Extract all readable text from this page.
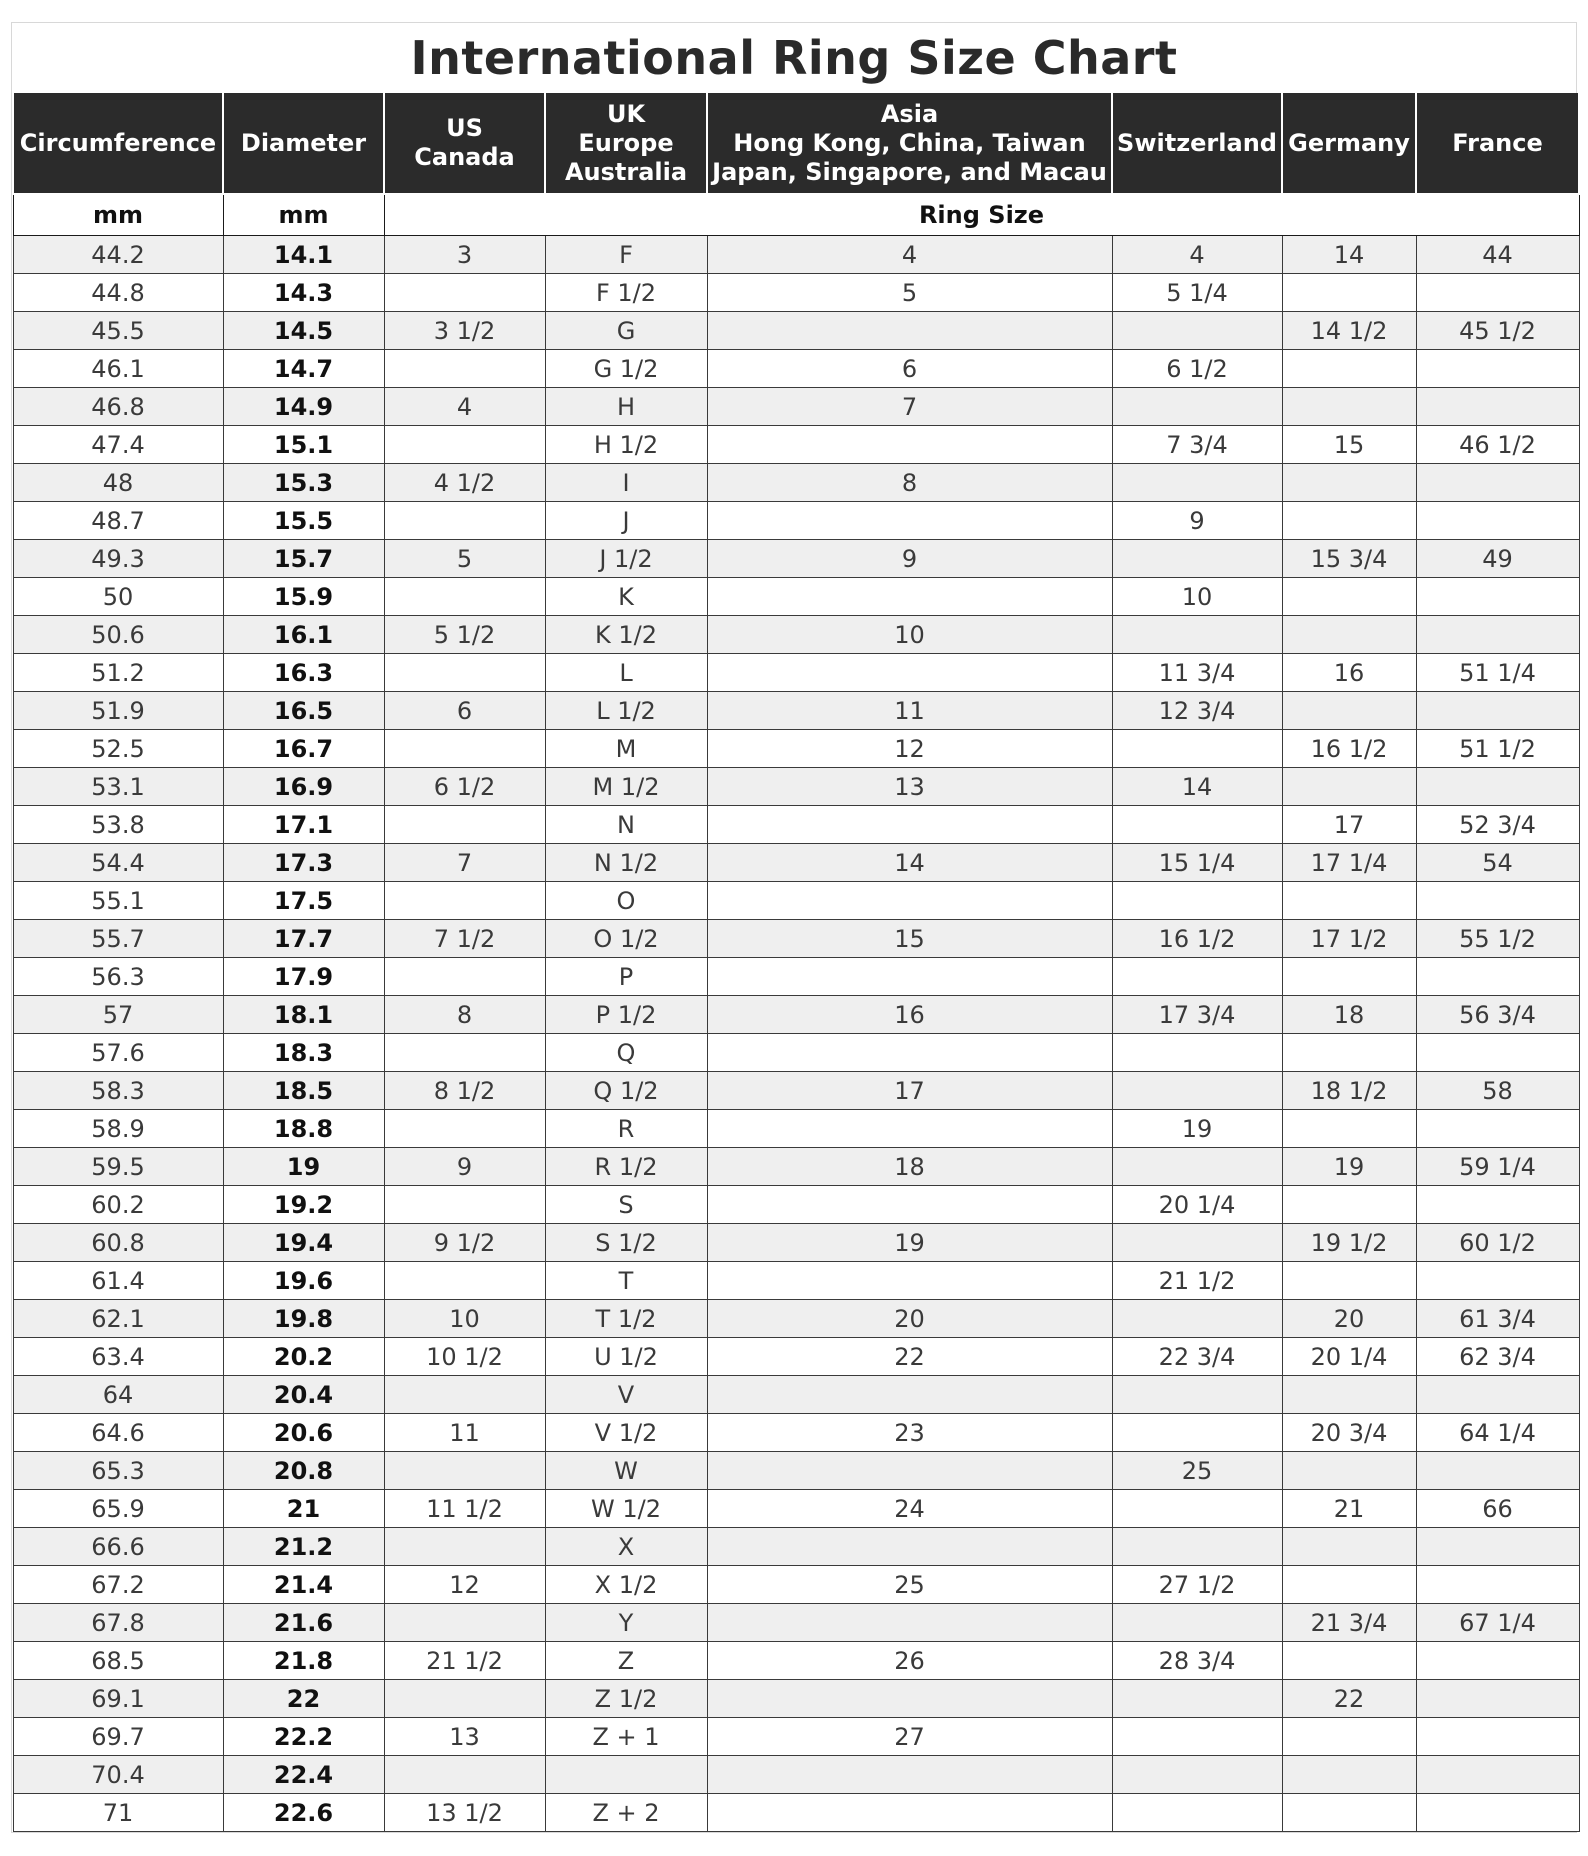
International Ring Size Chart
Circumference	Diameter	US
Canada	UK
Europe
Australia	Asia
Hong Kong, China, Taiwan
Japan, Singapore, and Macau	Switzerland	Germany	France
mm	mm	Ring Size					
44.2	14.1	3	F	4	4	14	44
44.8	14.3		F 1/2	5	5 1/4		
45.5	14.5	3 1/2	G			14 1/2	45 1/2
46.1	14.7		G 1/2	6	6 1/2		
46.8	14.9	4	H	7			
47.4	15.1		H 1/2		7 3/4	15	46 1/2
48	15.3	4 1/2	I	8			
48.7	15.5		J		9		
49.3	15.7	5	J 1/2	9		15 3/4	49
50	15.9		K		10		
50.6	16.1	5 1/2	K 1/2	10			
51.2	16.3		L		11 3/4	16	51 1/4
51.9	16.5	6	L 1/2	11	12 3/4		
52.5	16.7		M	12		16 1/2	51 1/2
53.1	16.9	6 1/2	M 1/2	13	14		
53.8	17.1		N			17	52 3/4
54.4	17.3	7	N 1/2	14	15 1/4	17 1/4	54
55.1	17.5		O				
55.7	17.7	7 1/2	O 1/2	15	16 1/2	17 1/2	55 1/2
56.3	17.9		P				
57	18.1	8	P 1/2	16	17 3/4	18	56 3/4
57.6	18.3		Q				
58.3	18.5	8 1/2	Q 1/2	17		18 1/2	58
58.9	18.8		R		19		
59.5	19	9	R 1/2	18		19	59 1/4
60.2	19.2		S		20 1/4		
60.8	19.4	9 1/2	S 1/2	19		19 1/2	60 1/2
61.4	19.6		T		21 1/2		
62.1	19.8	10	T 1/2	20		20	61 3/4
63.4	20.2	10 1/2	U 1/2	22	22 3/4	20 1/4	62 3/4
64	20.4		V				
64.6	20.6	11	V 1/2	23		20 3/4	64 1/4
65.3	20.8		W		25		
65.9	21	11 1/2	W 1/2	24		21	66
66.6	21.2		X				
67.2	21.4	12	X 1/2	25	27 1/2		
67.8	21.6		Y			21 3/4	67 1/4
68.5	21.8	21 1/2	Z	26	28 3/4		
69.1	22		Z 1/2			22	
69.7	22.2	13	Z + 1	27			
70.4	22.4						
71	22.6	13 1/2	Z + 2				
